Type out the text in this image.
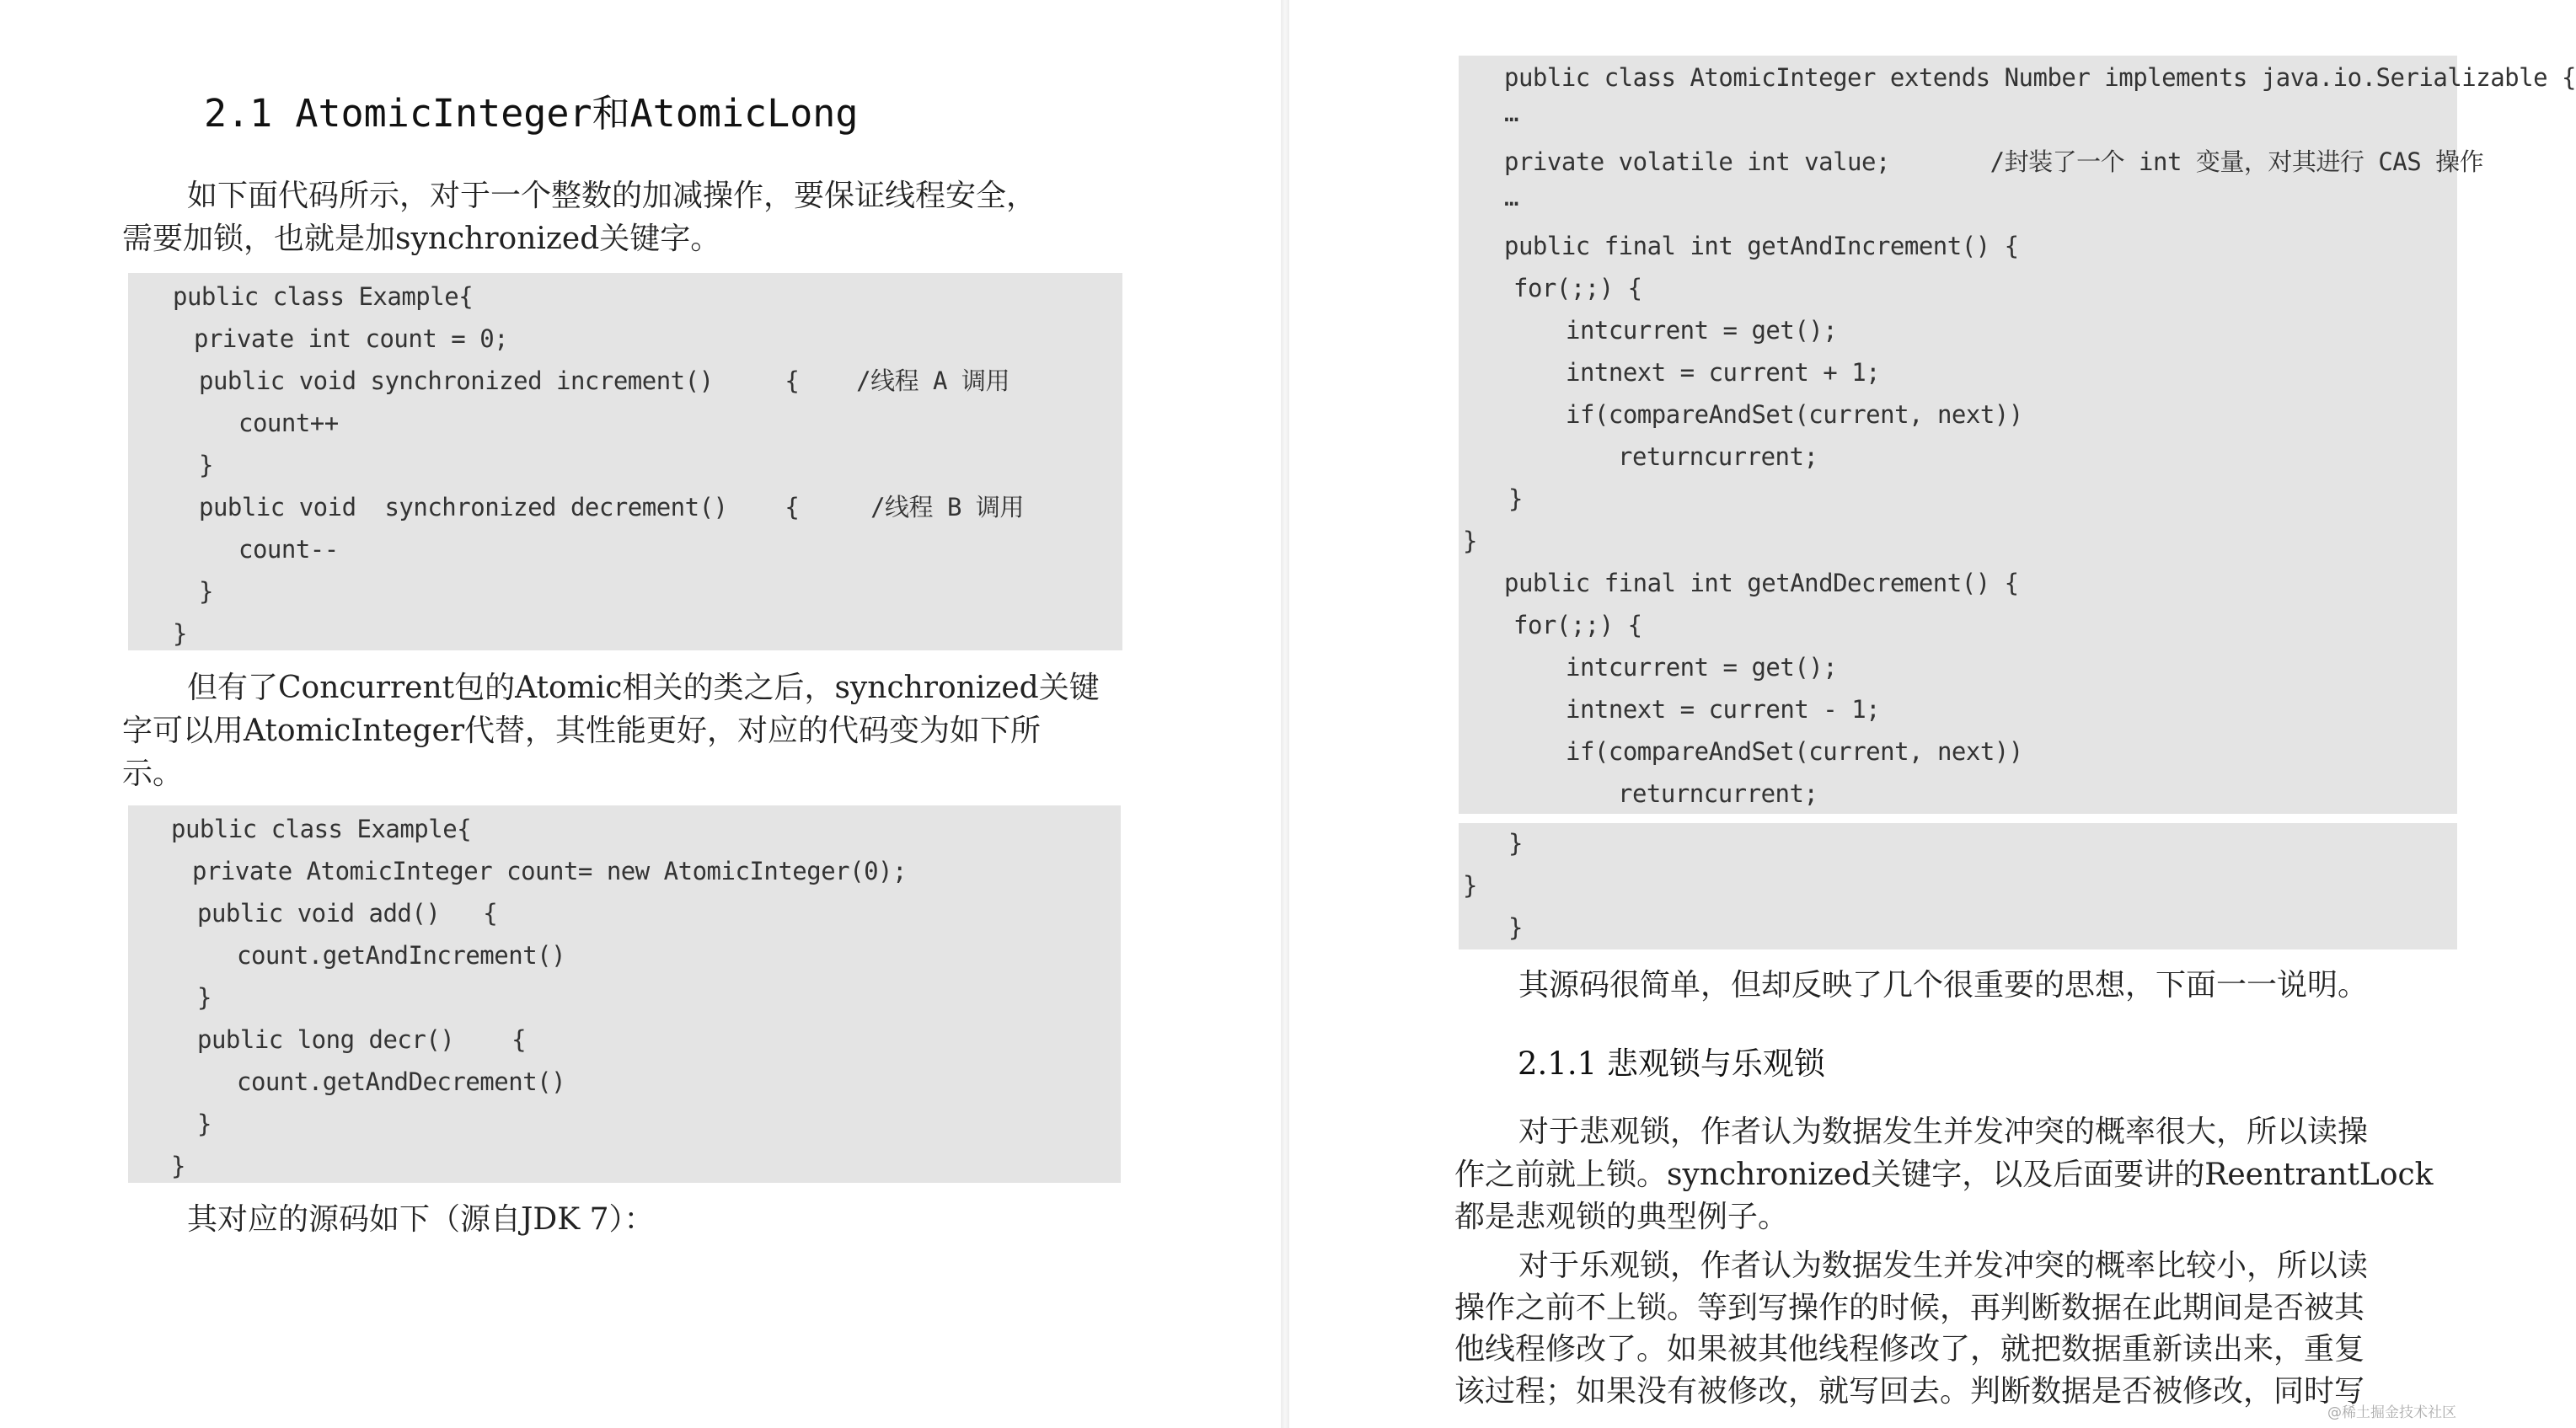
2.1 AtomicInteger和AtomicLong

如下面代码所示，对于一个整数的加减操作，要保证线程安全，

需要加锁，也就是加synchronized关键字。

public class Example{
private int count = 0;
public void synchronized increment()     {    /线程 A 调用
count++
}
public void  synchronized decrement()    {     /线程 B 调用
count--
}
}

但有了Concurrent包的Atomic相关的类之后，synchronized关键

字可以用AtomicInteger代替，其性能更好，对应的代码变为如下所

示。

public class Example{
private AtomicInteger count= new AtomicInteger(0);
public void add()   {
count.getAndIncrement()
}
public long decr()    {
count.getAndDecrement()
}
}

其对应的源码如下（源自JDK 7）：

public class AtomicInteger extends Number implements java.io.Serializable {
…
private volatile int value;       /封装了一个 int 变量，对其进行 CAS 操作
…
public final int getAndIncrement() {
for(;;) {
intcurrent = get();
intnext = current + 1;
if(compareAndSet(current, next))
returncurrent;
}
}
public final int getAndDecrement() {
for(;;) {
intcurrent = get();
intnext = current - 1;
if(compareAndSet(current, next))
returncurrent;
}
}
}

其源码很简单，但却反映了几个很重要的思想，下面一一说明。

2.1.1 悲观锁与乐观锁

对于悲观锁，作者认为数据发生并发冲突的概率很大，所以读操

作之前就上锁。synchronized关键字，以及后面要讲的ReentrantLock

都是悲观锁的典型例子。

对于乐观锁，作者认为数据发生并发冲突的概率比较小，所以读

操作之前不上锁。等到写操作的时候，再判断数据在此期间是否被其

他线程修改了。如果被其他线程修改了，就把数据重新读出来，重复

该过程；如果没有被修改，就写回去。判断数据是否被修改，同时写

@稀土掘金技术社区
